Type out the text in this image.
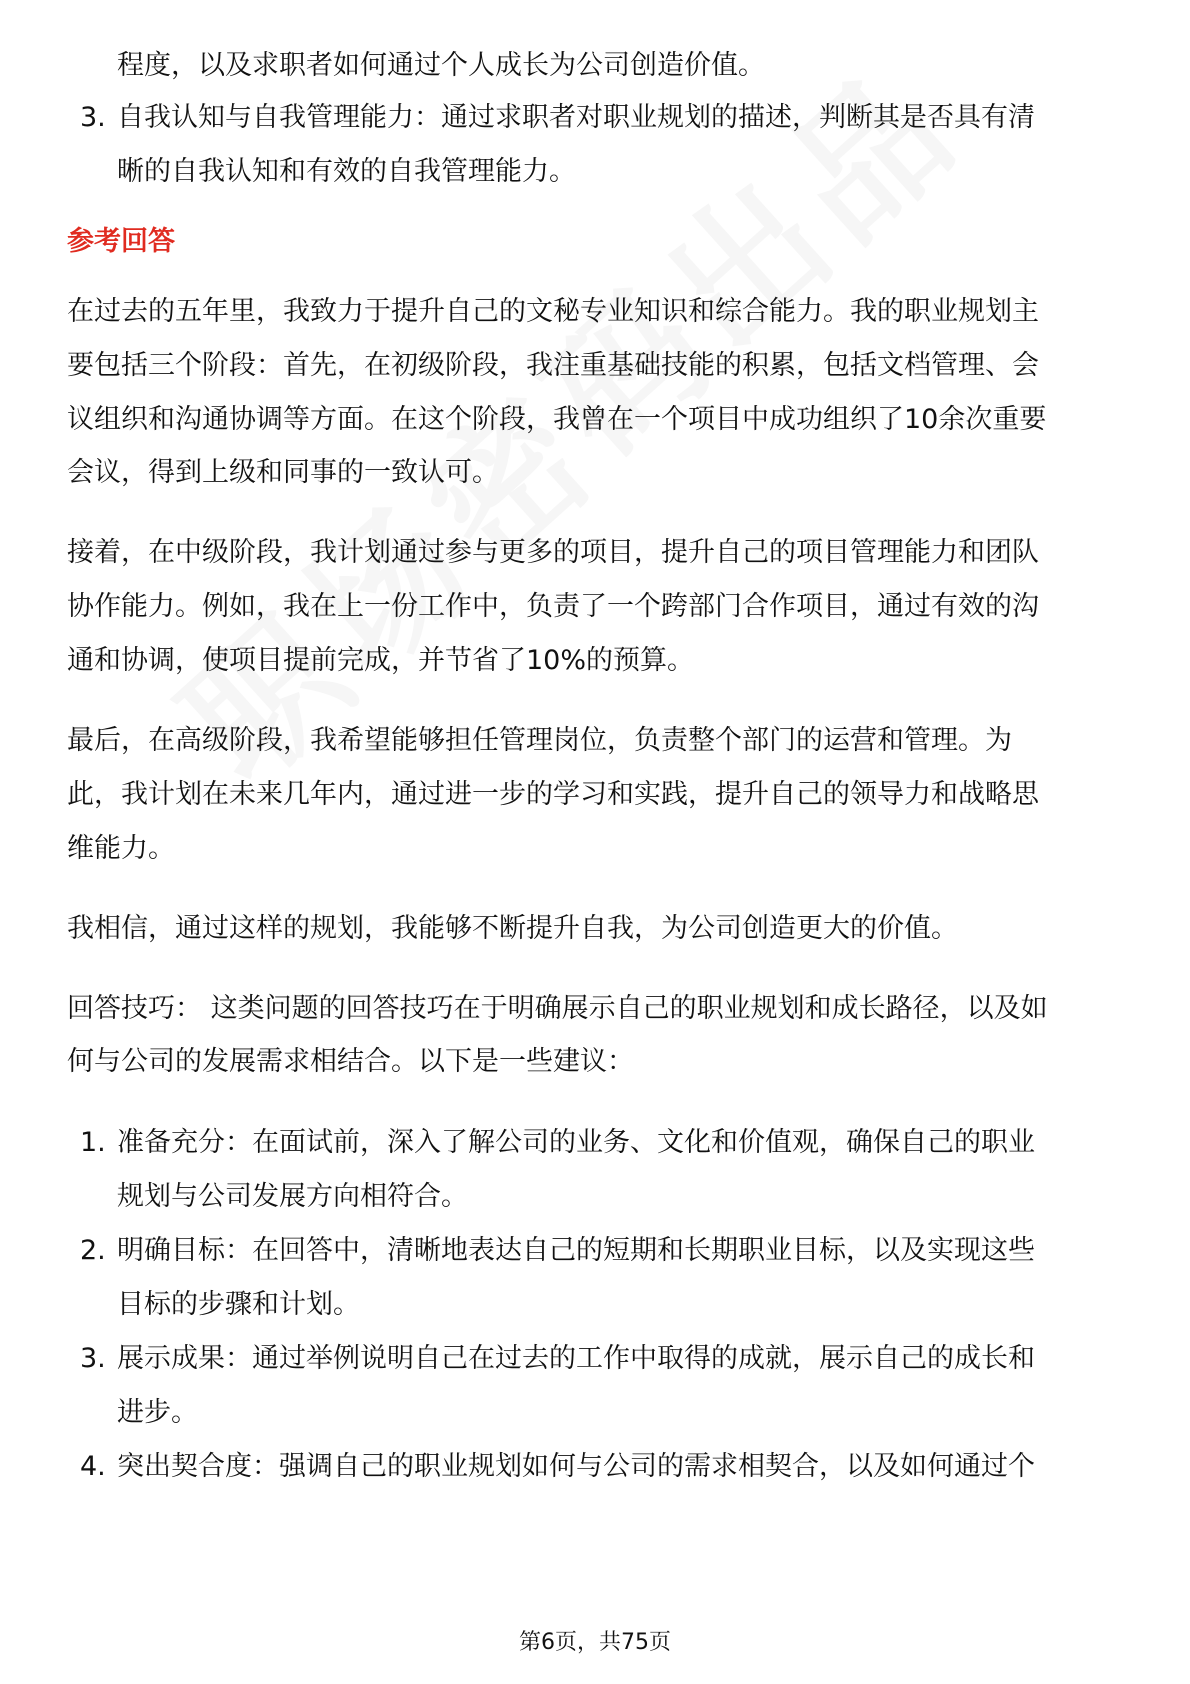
程度，以及求职者如何通过个人成长为公司创造价值。
3. 自我认知与自我管理能力：通过求职者对职业规划的描述，判断其是否具有清
晰的自我认知和有效的自我管理能力。
参考回答
在过去的五年里，我致力于提升自己的文秘专业知识和综合能力。我的职业规划主
要包括三个阶段：首先，在初级阶段，我注重基础技能的积累，包括文档管理、会
议组织和沟通协调等方面。在这个阶段，我曾在一个项目中成功组织了10余次重要
会议，得到上级和同事的一致认可。
接着，在中级阶段，我计划通过参与更多的项目，提升自己的项目管理能力和团队
协作能力。例如，我在上一份工作中，负责了一个跨部门合作项目，通过有效的沟
通和协调，使项目提前完成，并节省了10%的预算。
最后，在高级阶段，我希望能够担任管理岗位，负责整个部门的运营和管理。为
此，我计划在未来几年内，通过进一步的学习和实践，提升自己的领导力和战略思
维能力。
我相信，通过这样的规划，我能够不断提升自我，为公司创造更大的价值。
回答技巧： 这类问题的回答技巧在于明确展示自己的职业规划和成长路径，以及如
何与公司的发展需求相结合。以下是一些建议：
1. 准备充分：在面试前，深入了解公司的业务、文化和价值观，确保自己的职业
规划与公司发展方向相符合。
2. 明确目标：在回答中，清晰地表达自己的短期和长期职业目标，以及实现这些
目标的步骤和计划。
3. 展示成果：通过举例说明自己在过去的工作中取得的成就，展示自己的成长和
进步。
4. 突出契合度：强调自己的职业规划如何与公司的需求相契合，以及如何通过个
第6页，共75页
